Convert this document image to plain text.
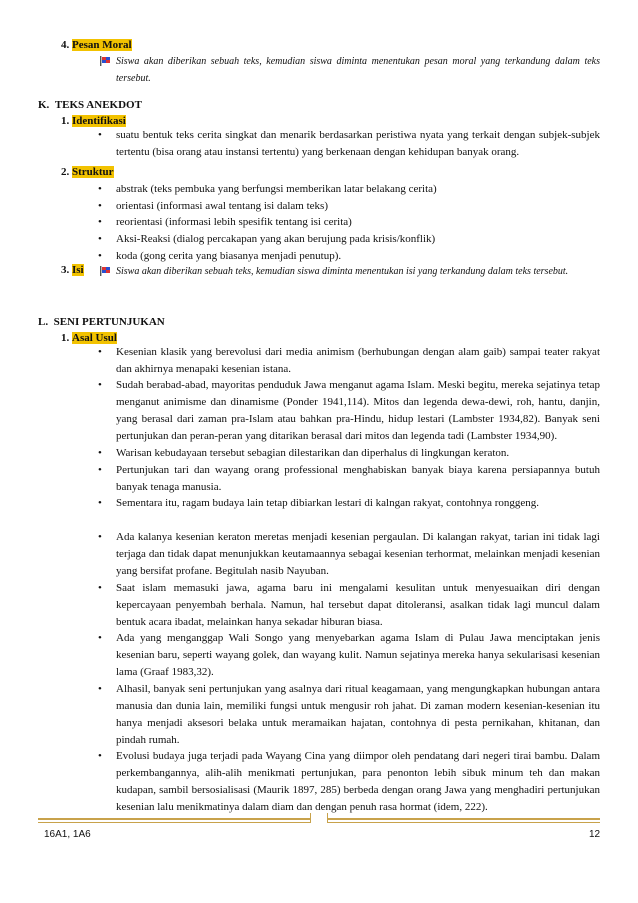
4. Pesan Moral
Siswa akan diberikan sebuah teks, kemudian siswa diminta menentukan pesan moral yang terkandung dalam teks tersebut.
K. TEKS ANEKDOT
1. Identifikasi
• suatu bentuk teks cerita singkat dan menarik berdasarkan peristiwa nyata yang terkait dengan subjek-subjek tertentu (bisa orang atau instansi tertentu) yang berkenaan dengan kehidupan banyak orang.
2. Struktur
• abstrak (teks pembuka yang berfungsi memberikan latar belakang cerita)
• orientasi (informasi awal tentang isi dalam teks)
• reorientasi (informasi lebih spesifik tentang isi cerita)
• Aksi-Reaksi (dialog percakapan yang akan berujung pada krisis/konflik)
• koda (gong cerita yang biasanya menjadi penutup).
3. Isi	Siswa akan diberikan sebuah teks, kemudian siswa diminta menentukan isi yang terkandung dalam teks tersebut.
L. SENI PERTUNJUKAN
1. Asal Usul
• Kesenian klasik yang berevolusi dari media animism (berhubungan dengan alam gaib) sampai teater rakyat dan akhirnya menapaki kesenian istana.
• Sudah berabad-abad, mayoritas penduduk Jawa menganut agama Islam. Meski begitu, mereka sejatinya tetap menganut animisme dan dinamisme (Ponder 1941,114). Mitos dan legenda dewa-dewi, roh, hantu, danjin, yang berasal dari zaman pra-Islam atau bahkan pra-Hindu, hidup lestari (Lambster 1934,82). Banyak seni pertunjukan dan peran-peran yang ditarikan berasal dari mitos dan legenda tadi (Lambster 1934,90).
• Warisan kebudayaan tersebut sebagian dilestarikan dan diperhalus di lingkungan keraton.
• Pertunjukan tari dan wayang orang professional menghabiskan banyak biaya karena persiapannya butuh banyak tenaga manusia.
• Sementara itu, ragam budaya lain tetap dibiarkan lestari di kalngan rakyat, contohnya ronggeng.
• Ada kalanya kesenian keraton meretas menjadi kesenian pergaulan. Di kalangan rakyat, tarian ini tidak lagi terjaga dan tidak dapat menunjukkan keutamaannya sebagai kesenian terhormat, melainkan menjadi kesenian yang bersifat profane. Begitulah nasib Nayuban.
• Saat islam memasuki jawa, agama baru ini mengalami kesulitan untuk menyesuaikan diri dengan kepercayaan penyembah berhala. Namun, hal tersebut dapat ditoleransi, asalkan tidak lagi muncul dalam bentuk acara ibadat, melainkan hanya sekadar hiburan biasa.
• Ada yang menganggap Wali Songo yang menyebarkan agama Islam di Pulau Jawa menciptakan jenis kesenian baru, seperti wayang golek, dan wayang kulit. Namun sejatinya mereka hanya sekularisasi kesenian lama (Graaf 1983,32).
• Alhasil, banyak seni pertunjukan yang asalnya dari ritual keagamaan, yang mengungkapkan hubungan antara manusia dan dunia lain, memiliki fungsi untuk mengusir roh jahat. Di zaman modern kesenian-kesenian itu hanya menjadi aksesori belaka untuk meramaikan hajatan, contohnya di pesta pernikahan, khitanan, dan pindah rumah.
• Evolusi budaya juga terjadi pada Wayang Cina yang diimpor oleh pendatang dari negeri tirai bambu. Dalam perkembangannya, alih-alih menikmati pertunjukan, para penonton lebih sibuk minum teh dan makan kudapan, sambil bersosialisasi (Maurik 1897, 285) berbeda dengan orang Jawa yang menghadiri pertunjukan kesenian lalu menikmatinya dalam diam dan dengan penuh rasa hormat (idem, 222).
16A1, 1A6	12
